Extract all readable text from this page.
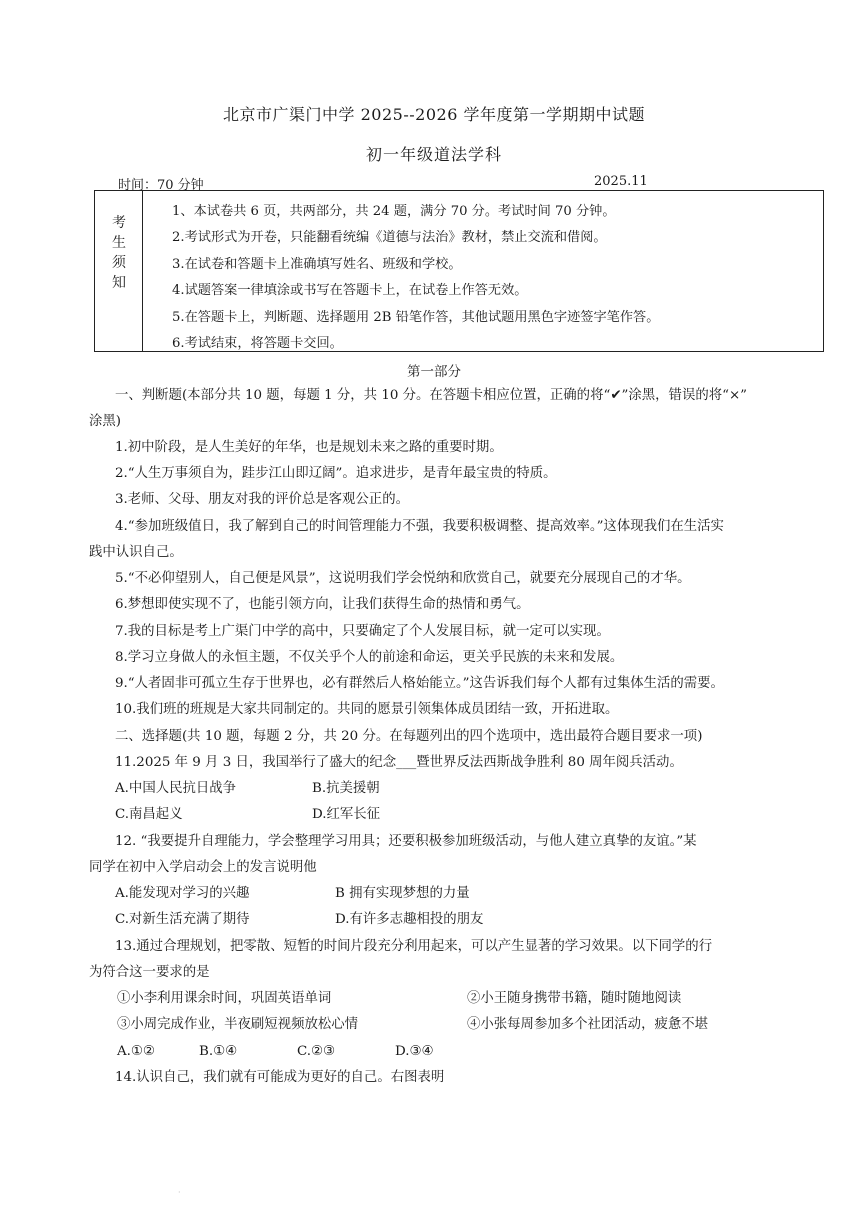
北京市广渠门中学 2025--2026 学年度第一学期期中试题
初一年级道法学科
时间：70 分钟	2025.11
考生须知
1、本试卷共 6 页，共两部分，共 24 题，满分 70 分。考试时间 70 分钟。
2.考试形式为开卷，只能翻看统编《道德与法治》教材，禁止交流和借阅。
3.在试卷和答题卡上准确填写姓名、班级和学校。
4.试题答案一律填涂或书写在答题卡上，在试卷上作答无效。
5.在答题卡上，判断题、选择题用 2B 铅笔作答，其他试题用黑色字迹签字笔作答。
6.考试结束，将答题卡交回。
第一部分
一、判断题(本部分共 10 题，每题 1 分，共 10 分。在答题卡相应位置，正确的将“✔”涂黑，错误的将“×”
涂黑)
1.初中阶段，是人生美好的年华，也是规划未来之路的重要时期。
2.“人生万事须自为，跬步江山即辽阔”。追求进步，是青年最宝贵的特质。
3.老师、父母、朋友对我的评价总是客观公正的。
4.“参加班级值日，我了解到自己的时间管理能力不强，我要积极调整、提高效率。”这体现我们在生活实
践中认识自己。
5.“不必仰望别人，自己便是风景”，这说明我们学会悦纳和欣赏自己，就要充分展现自己的才华。
6.梦想即使实现不了，也能引领方向，让我们获得生命的热情和勇气。
7.我的目标是考上广渠门中学的高中，只要确定了个人发展目标，就一定可以实现。
8.学习立身做人的永恒主题，不仅关乎个人的前途和命运，更关乎民族的未来和发展。
9.“人者固非可孤立生存于世界也，必有群然后人格始能立。”这告诉我们每个人都有过集体生活的需要。
10.我们班的班规是大家共同制定的。共同的愿景引领集体成员团结一致，开拓进取。
二、选择题(共 10 题，每题 2 分，共 20 分。在每题列出的四个选项中，选出最符合题目要求一项)
11.2025 年 9 月 3 日，我国举行了盛大的纪念___暨世界反法西斯战争胜利 80 周年阅兵活动。
A.中国人民抗日战争	B.抗美援朝
C.南昌起义	D.红军长征
12. “我要提升自理能力，学会整理学习用具；还要积极参加班级活动，与他人建立真挚的友谊。”某
同学在初中入学启动会上的发言说明他
A.能发现对学习的兴趣	B 拥有实现梦想的力量
C.对新生活充满了期待	D.有许多志趣相投的朋友
13.通过合理规划，把零散、短暂的时间片段充分利用起来，可以产生显著的学习效果。以下同学的行
为符合这一要求的是
①小李利用课余时间，巩固英语单词	②小王随身携带书籍，随时随地阅读
③小周完成作业，半夜刷短视频放松心情	④小张每周参加多个社团活动，疲惫不堪
A.①②	B.①④	C.②③	D.③④
14.认识自己，我们就有可能成为更好的自己。右图表明
·
